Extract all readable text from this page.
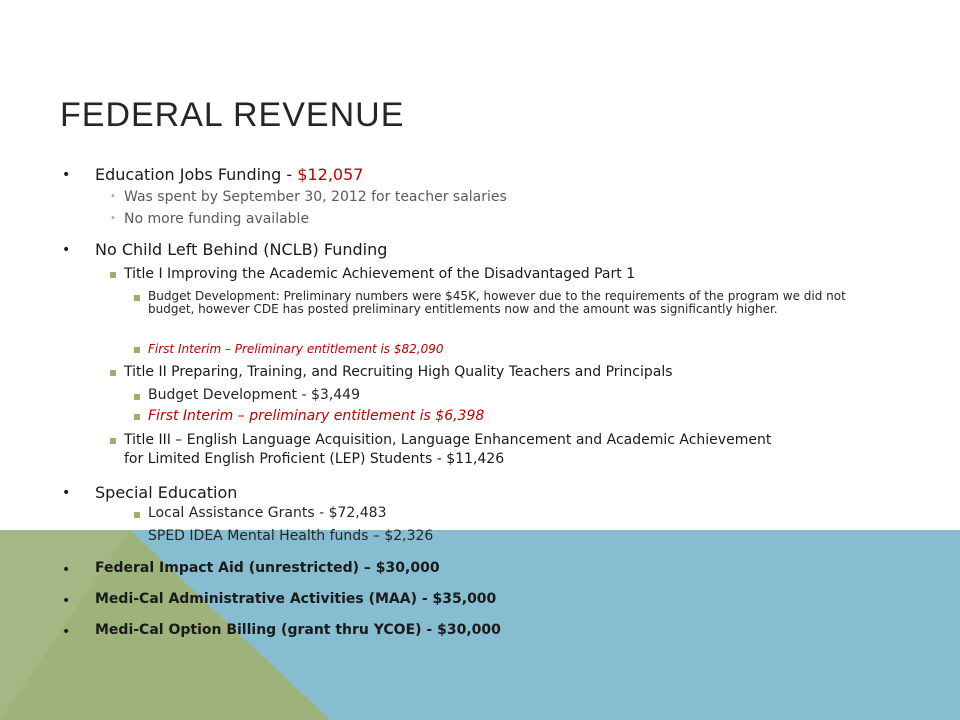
FEDERAL REVENUE
• Education Jobs Funding - $12,057

• Was spent by September 30, 2012 for teacher salaries

• No more funding available

• No Child Left Behind (NCLB) Funding

Title I Improving the Academic Achievement of the Disadvantaged Part 1

Budget Development: Preliminary numbers were $45K, however due to the requirements of the program we did not budget, however CDE has posted preliminary entitlements now and the amount was significantly higher.

First Interim – Preliminary entitlement is $82,090

Title II Preparing, Training, and Recruiting High Quality Teachers and Principals

Budget Development - $3,449

First Interim – preliminary entitlement is $6,398

Title III – English Language Acquisition, Language Enhancement and Academic Achievement

for Limited English Proficient (LEP) Students - $11,426

• Special Education

Local Assistance Grants - $72,483

SPED IDEA Mental Health funds – $2,326

• Federal Impact Aid (unrestricted) – $30,000

• Medi-Cal Administrative Activities (MAA) - $35,000

• Medi-Cal Option Billing (grant thru YCOE) - $30,000
